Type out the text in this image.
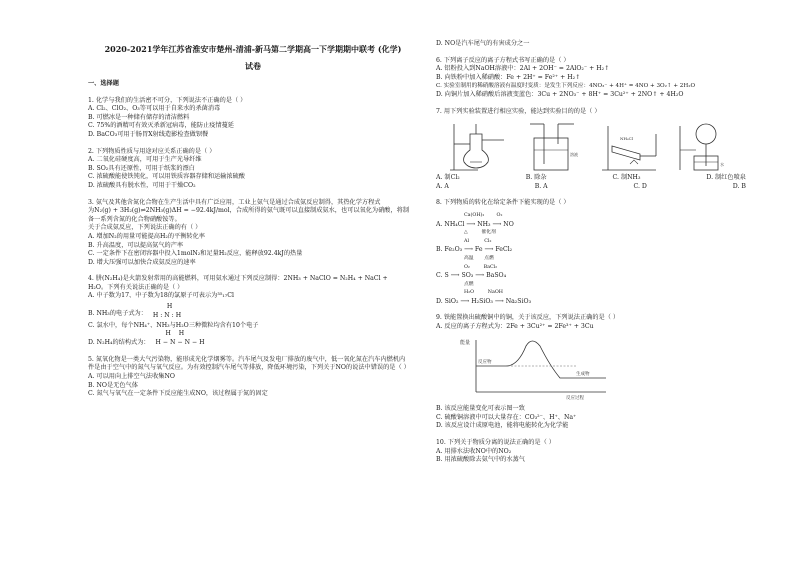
2020-2021学年江苏省淮安市楚州-清浦-新马第二学期高一下学期期中联考 (化学)
试卷
一、选择题
1. 化学与我们的生活密不可分，下列说法不正确的是（ ）
A. Cl₂、ClO₂、O₃等可以用于自来水的杀菌消毒
B. 可燃冰是一种储有储存的清洁燃料
C. 75%的酒精可有效灭杀新冠病毒，能防止疫情蔓延
D. BaCO₃可用于肠胃X射线造影检查做钡餐
2. 下列物质性质与用途对应关系正确的是（ ）
A. 二氧化硅硬度高，可用于生产光导纤维
B. SO₂具有还原性，可用于纸浆的漂白
C. 浓硫酸能使铁钝化，可以用铁质容器存储和运输浓硫酸
D. 浓硫酸具有脱水性，可用于干燥CO₂
3. 氨气及其他含氮化合物在生产生活中具有广泛应用，工业上氨气是通过合成氨反应制得，其热化学方程式
为N₂(g) + 3H₂(g)⇌2NH₃(g)ΔH = −92.4kJ/mol，合成所得的氨气既可以直接制成氨水，也可以氧化为硝酸，将制
备一系列含氮的化合物硝酸铵等。
关于合成氨反应，下列说法正确的有（ ）
A. 增加N₂的用量可能提高H₂的平衡转化率
B. 升高温度，可以提高氨气的产率
C. 一定条件下在密闭容器中投入1molN₂和足量H₂反应，能释放92.4kJ的热量
D. 增大压强可以加快合成氨反应的速率
4. 肼(N₂H₄)是火箭发射常用的高能燃料，可用氨水通过下列反应制得：2NH₃ + NaClO = N₂H₄ + NaCl +
H₂O。下列有关说法正确的是（ ）
A. 中子数为17、中子数为18的氯原子可表示为³⁵₁₇Cl
B. NH₃的电子式为：
H
H : N : H
C. 氯水中，每个NH₄⁺、NH₃与H₂O三种微粒均含有10个电子
D. N₂H₄的结构式为：
H    H
H − N − N − H
5. 氮氧化物是一类大气污染物，能形成光化学烟雾等。汽车尾气及发电厂排放的废气中，低一氧化氮在汽车内燃机内
件是由于空气中的氮气与氧气反应。为有效控制汽车尾气等排放，降低环境污染，下列关于NO的说法中错误的是（ ）
A. 可以用向上排空气法收集NO
B. NO是无色气体
C. 氮气与氧气在一定条件下反应能生成NO，该过程属于氮的固定
D. NO是汽车尾气的有害成分之一
6. 下列离子反应的离子方程式书写正确的是（ ）
A. 铝粉投入到NaOH溶液中：2Al + 2OH⁻ = 2AlO₂⁻ + H₂↑
B. 向铁粉中加入稀硝酸：Fe + 2H⁺ = Fe²⁺ + H₂↑
C. 实验室制用的稀硝酸溶液有温度时变质：是发生下列反应：4NO₃⁻ + 4H⁺ = 4NO + 3O₂↑ + 2H₂O
D. 向铜片加入稀硝酸后溶液变蓝色：3Cu + 2NO₃⁻ + 8H⁺ = 3Cu²⁺ + 2NO↑ + 4H₂O
7. 用下列实验装置进行相应实验，能达到实验目的的是（ ）
溶液
NH₄Cl
水
A. 制Cl₂	B. 除杂	C. 制NH₃	D. 制红色喷泉
A. A	B. A	C. D	D. B
8. 下列物质的转化在给定条件下能实现的是（ ）
Ca(OH)₂        O₂
A. NH₄Cl ⟶ NH₃ ⟶ NO
△         催化剂
Al          Cl₂
B. Fe₂O₃ ⟶ Fe ⟶ FeCl₂
高温       点燃
O₂         BaCl₂
C. S ⟶ SO₃ ⟶ BaSO₄
点燃
H₂O         NaOH
D. SiO₂ ⟶ H₂SiO₃ ⟶ Na₂SiO₃
9. 铁能置换出硫酸铜中的铜，关于该反应，下列说法正确的是（ ）
A. 反应的离子方程式为：2Fe + 3Cu²⁺ = 2Fe³⁺ + 3Cu
能量
反应物
生成物
反应过程
B. 该反应能量变化可表示图一致
C. 硫酸铜溶液中可以大量存在：CO₃²⁻、H⁺、Na⁺
D. 该反应设计成原电池，能将电能转化为化学能
10. 下列关于物质分离的说法正确的是（ ）
A. 用排水法收NO中的NO₂
B. 用浓硫酸除去氨气中的水蒸气
